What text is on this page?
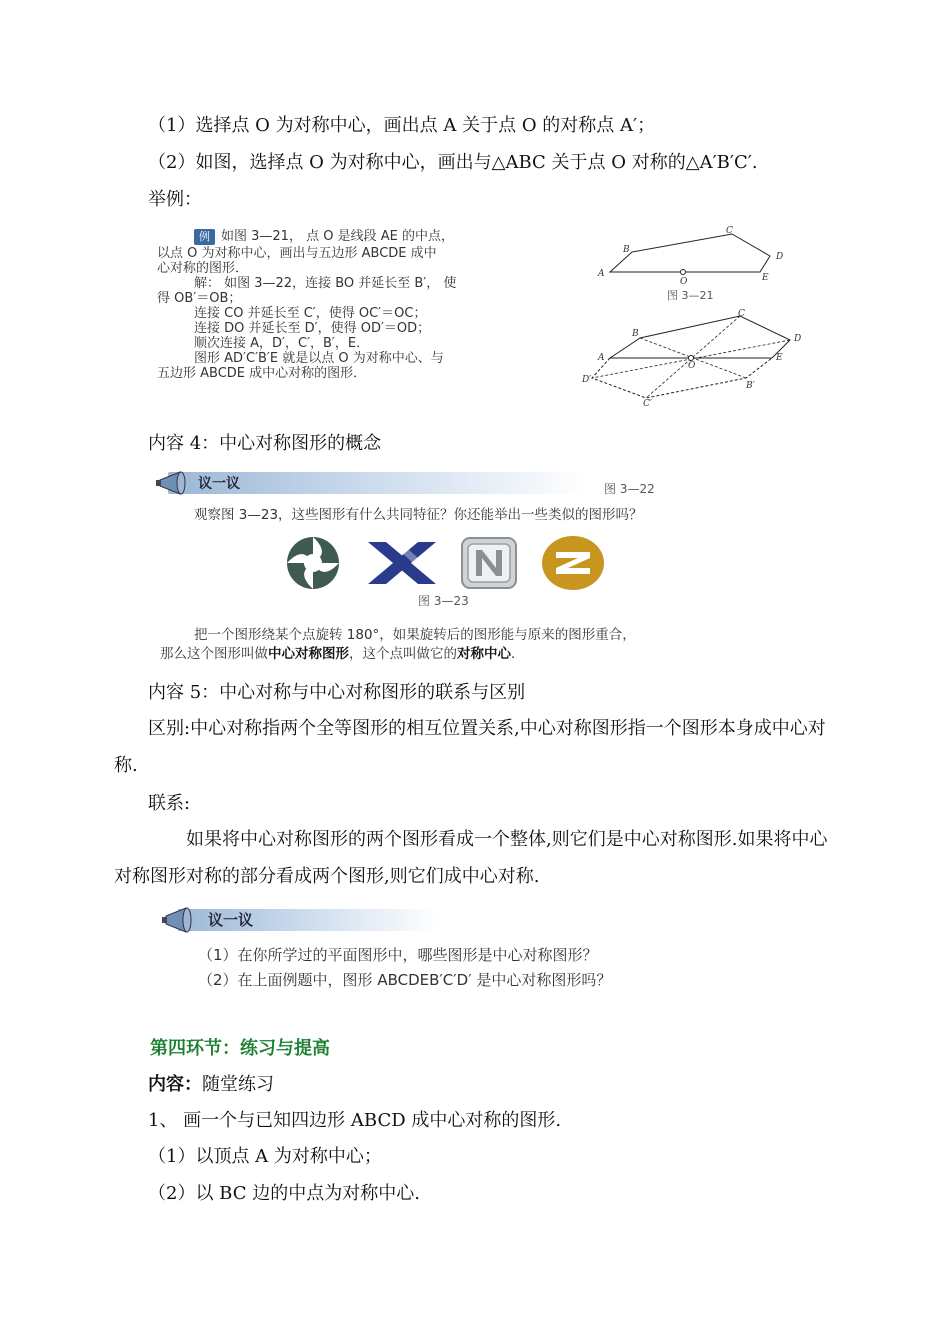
（1）选择点 O 为对称中心，画出点 A 关于点 O 的对称点 A′；
（2）如图，选择点 O 为对称中心，画出与△ABC 关于点 O 对称的△A′B′C′.
举例：
例 如图 3—21， 点 O 是线段 AE 的中点，
以点 O 为对称中心，画出与五边形 ABCDE 成中
心对称的图形．
解： 如图 3—22，连接 BO 并延长至 B′， 使
得 OB′＝OB；
连接 CO 并延长至 C′，使得 OC′＝OC；
连接 DO 并延长至 D′，使得 OD′＝OD；
顺次连接 A，D′，C′，B′，E．
图形 AD′C′B′E 就是以点 O 为对称中心、与
五边形 ABCDE 成中心对称的图形．
A
B
C
D
E
O
图 3—21
A
B
C
D
E
O
B′
C′
D′
内容 4：中心对称图形的概念
议一议	图 3—22
观察图 3—23，这些图形有什么共同特征？你还能举出一些类似的图形吗？
图 3—23
把一个图形绕某个点旋转 180°，如果旋转后的图形能与原来的图形重合，
那么这个图形叫做中心对称图形，这个点叫做它的对称中心．
内容 5：中心对称与中心对称图形的联系与区别
区别:中心对称指两个全等图形的相互位置关系,中心对称图形指一个图形本身成中心对称.
联系:
如果将中心对称图形的两个图形看成一个整体,则它们是中心对称图形.如果将中心对称图形对称的部分看成两个图形,则它们成中心对称.
议一议
（1）在你所学过的平面图形中，哪些图形是中心对称图形？
（2）在上面例题中，图形 ABCDEB′C′D′ 是中心对称图形吗？
第四环节：练习与提高
内容：随堂练习
1、 画一个与已知四边形 ABCD 成中心对称的图形.
（1）以顶点 A 为对称中心；
（2）以 BC 边的中点为对称中心.
